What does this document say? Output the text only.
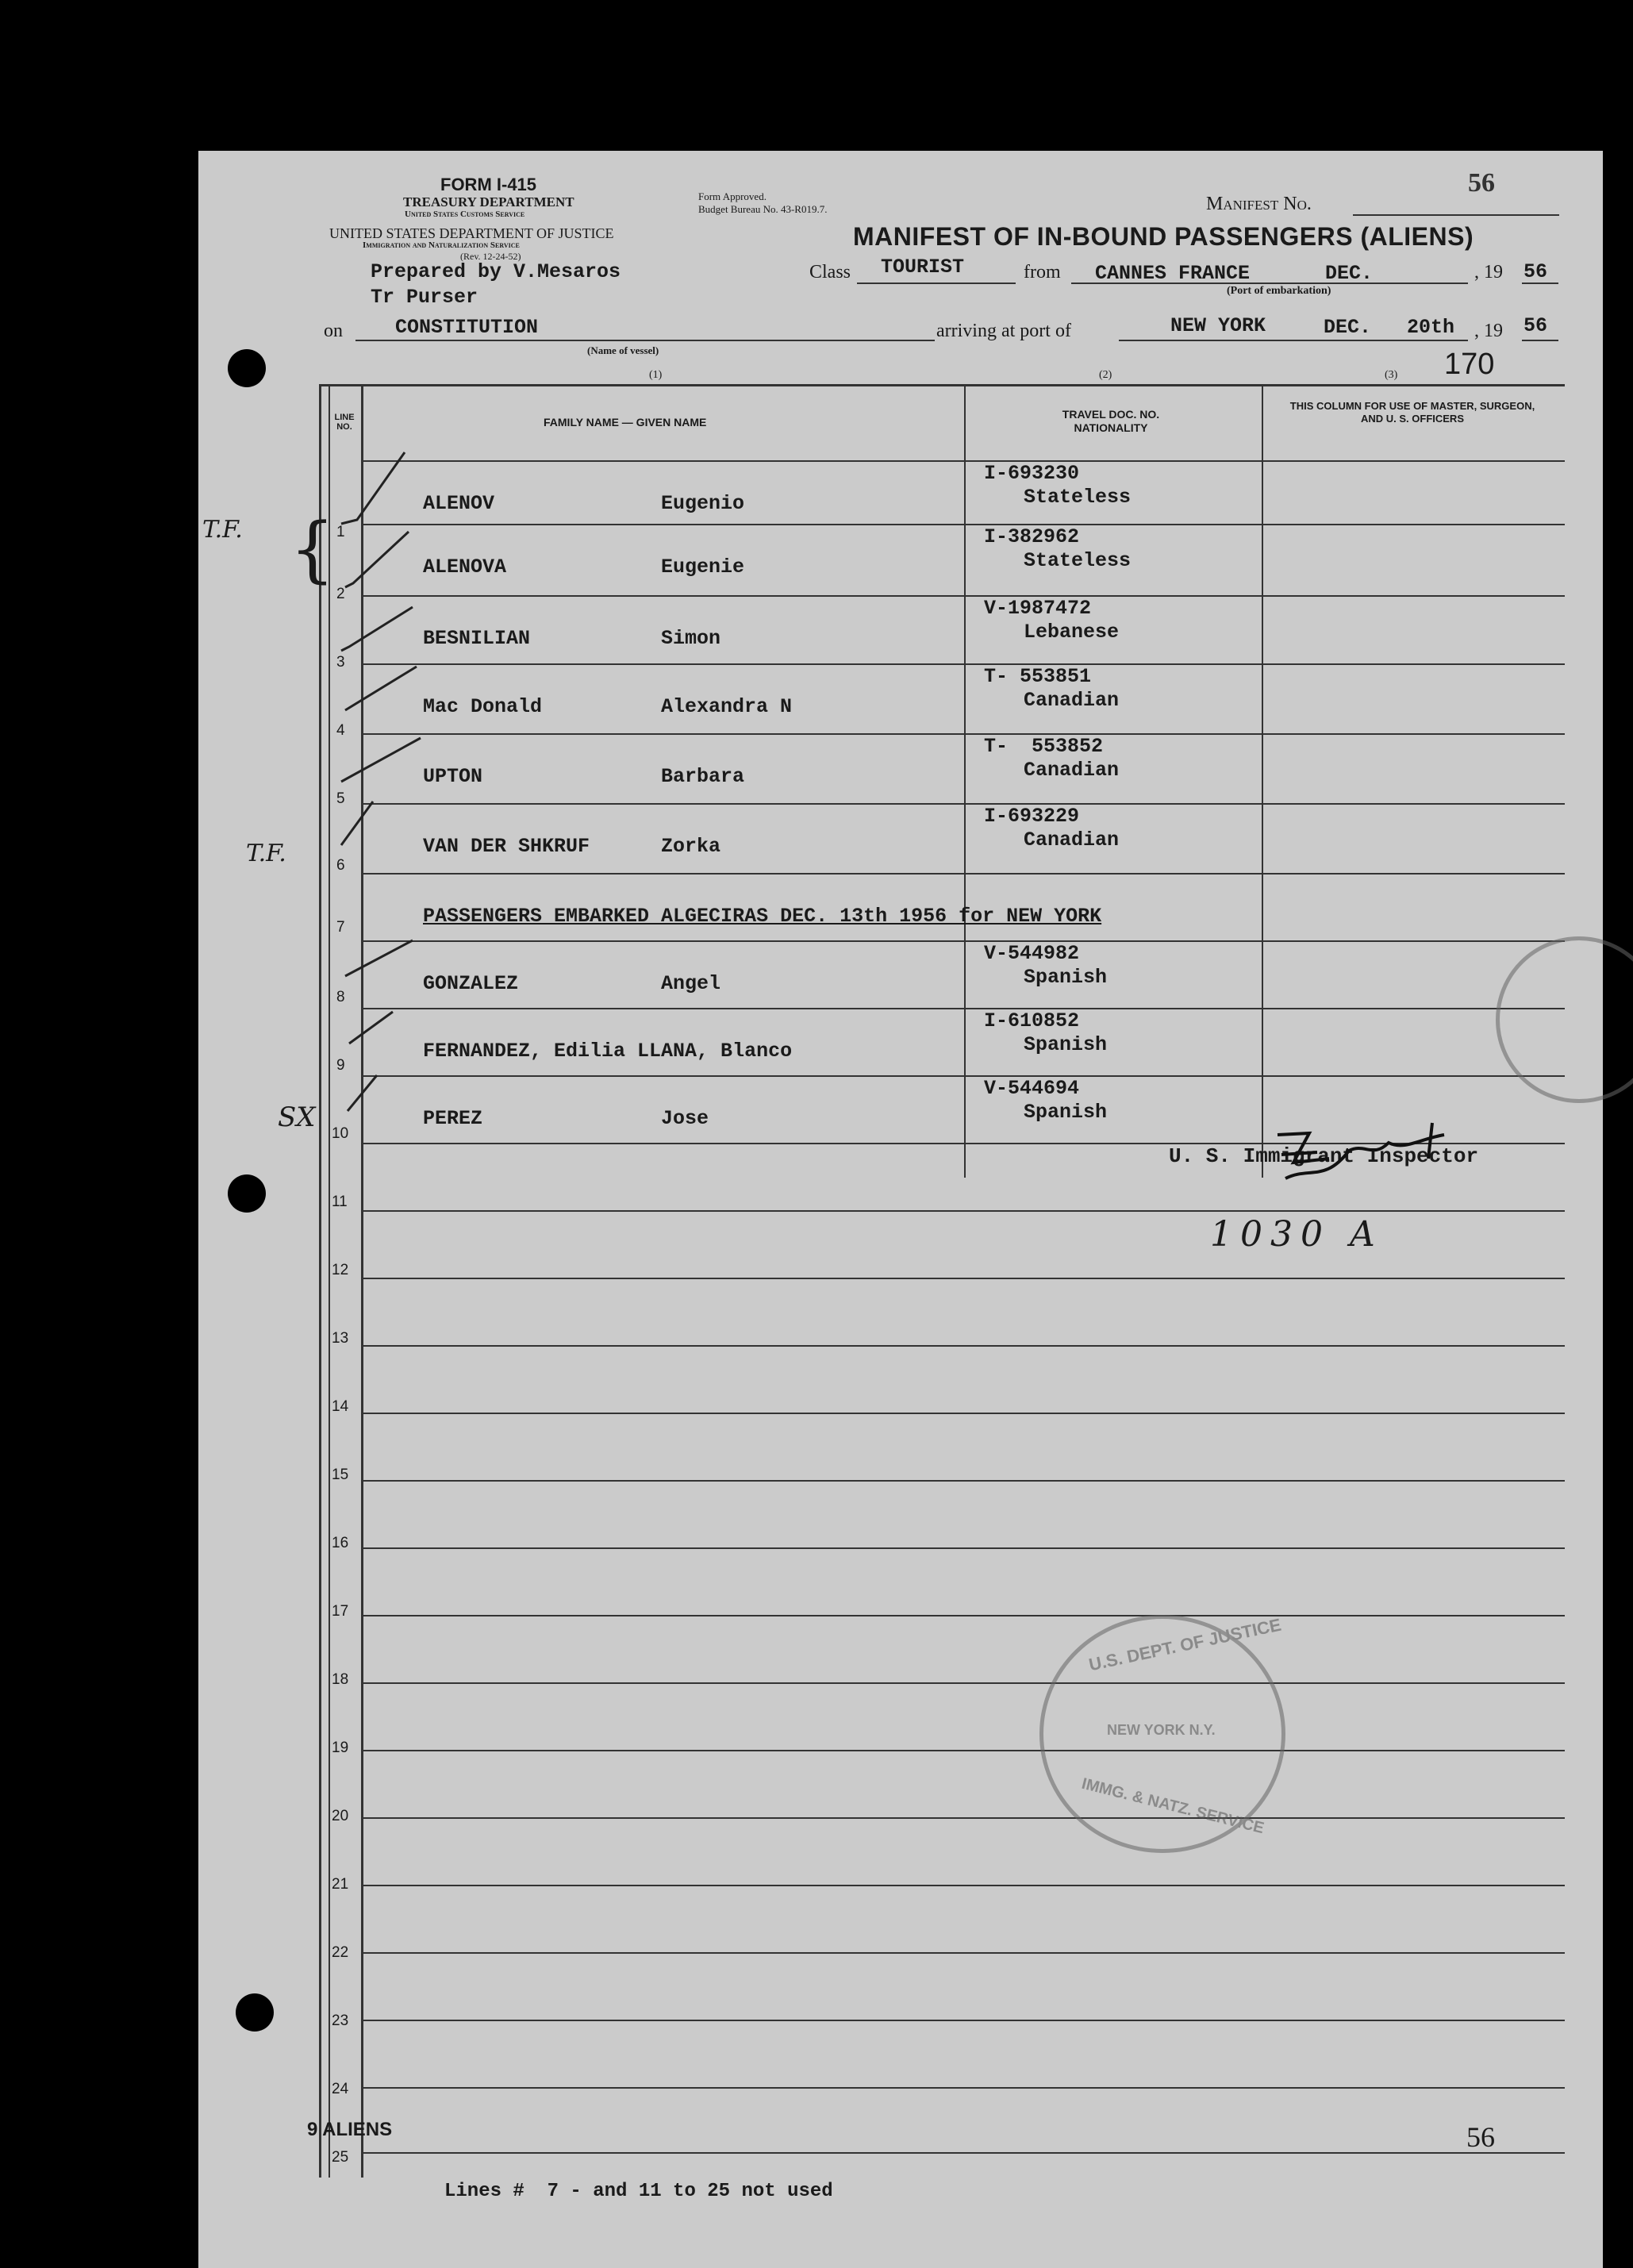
FORM I-415
TREASURY DEPARTMENT
United States Customs Service
UNITED STATES DEPARTMENT OF JUSTICE
Immigration and Naturalization Service
(Rev. 12-24-52)
Prepared by V.Mesaros
Tr Purser
Form Approved.
Budget Bureau No. 43-R019.7.	Manifest No.
56
MANIFEST OF IN-BOUND PASSENGERS (ALIENS)
Class TOURIST	from CANNES FRANCE	DEC.	, 19 56
(Port of embarkation)
on	CONSTITUTION
(Name of vessel)
arriving at port of	NEW YORK	DEC.   20th , 19 56
(1)	(2)	(3) 170
LINE NO.	FAMILY NAME — GIVEN NAME
TRAVEL DOC. NO. NATIONALITY
THIS COLUMN FOR USE OF MASTER, SURGEON, AND U. S. OFFICERS
1
ALENOV	Eugenio
I-693230
Stateless
2
ALENOVA	Eugenie
I-382962
Stateless
3
BESNILIAN	Simon
V-1987472
Lebanese
4
Mac Donald	Alexandra N
T- 553851
Canadian
5
UPTON	Barbara
T-  553852
Canadian
6
VAN DER SHKRUF	Zorka
I-693229
Canadian
7	PASSENGERS EMBARKED ALGECIRAS DEC. 13th 1956 for NEW YORK
8
GONZALEZ	Angel
V-544982
Spanish
9
FERNANDEZ, Edilia LLANA, Blanco
I-610852
Spanish
10
PEREZ	Jose
V-544694
Spanish
11
12
13
14
15
16
17
18
19
20
21
22
23
24
25
T.F. {
T.F.
SX
U. S. Immigrant Inspector
1030 A
U.S. DEPT. OF JUSTICE
NEW YORK N.Y.
IMMG. & NATZ. SERVICE
9 ALIENS	56
Lines #  7 - and 11 to 25 not used
